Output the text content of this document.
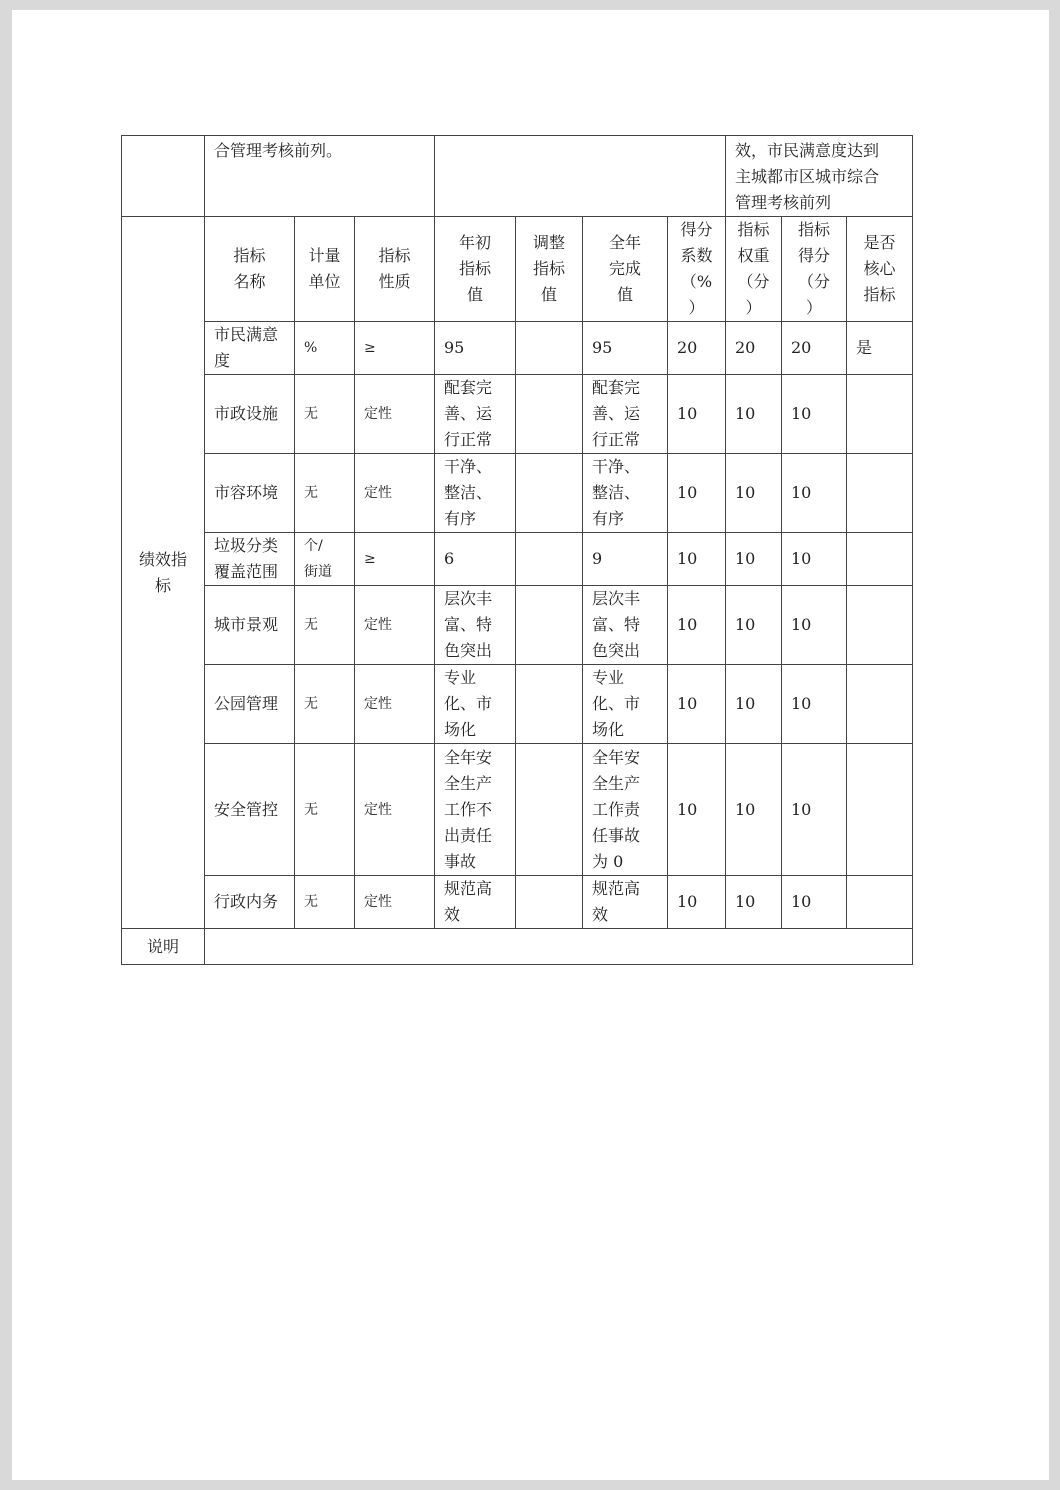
	合管理考核前列。							效，市民满意度达到
主城都市区城市综合
管理考核前列		

绩效指
标	指标
名称	计量
单位	指标
性质	年初
指标
值	调整
指标
值	全年
完成
值	得分
系数
（%
）	指标
权重
（分
）	指标
得分
（分
）	是否
核心
指标

	市民满意
度	%	≥	95		95	20	20	20	是

	市政设施	无	定性	配套完
善、运
行正常		配套完
善、运
行正常	10	10	10	

	市容环境	无	定性	干净、
整洁、
有序		干净、
整洁、
有序	10	10	10	

	垃圾分类
覆盖范围	个/
街道	≥	6		9	10	10	10	

	城市景观	无	定性	层次丰
富、特
色突出		层次丰
富、特
色突出	10	10	10	

	公园管理	无	定性	专业
化、市
场化		专业
化、市
场化	10	10	10	

	安全管控	无	定性	全年安
全生产
工作不
出责任
事故		全年安
全生产
工作责
任事故
为 0	10	10	10	

	行政内务	无	定性	规范高
效		规范高
效	10	10	10	

说明										
